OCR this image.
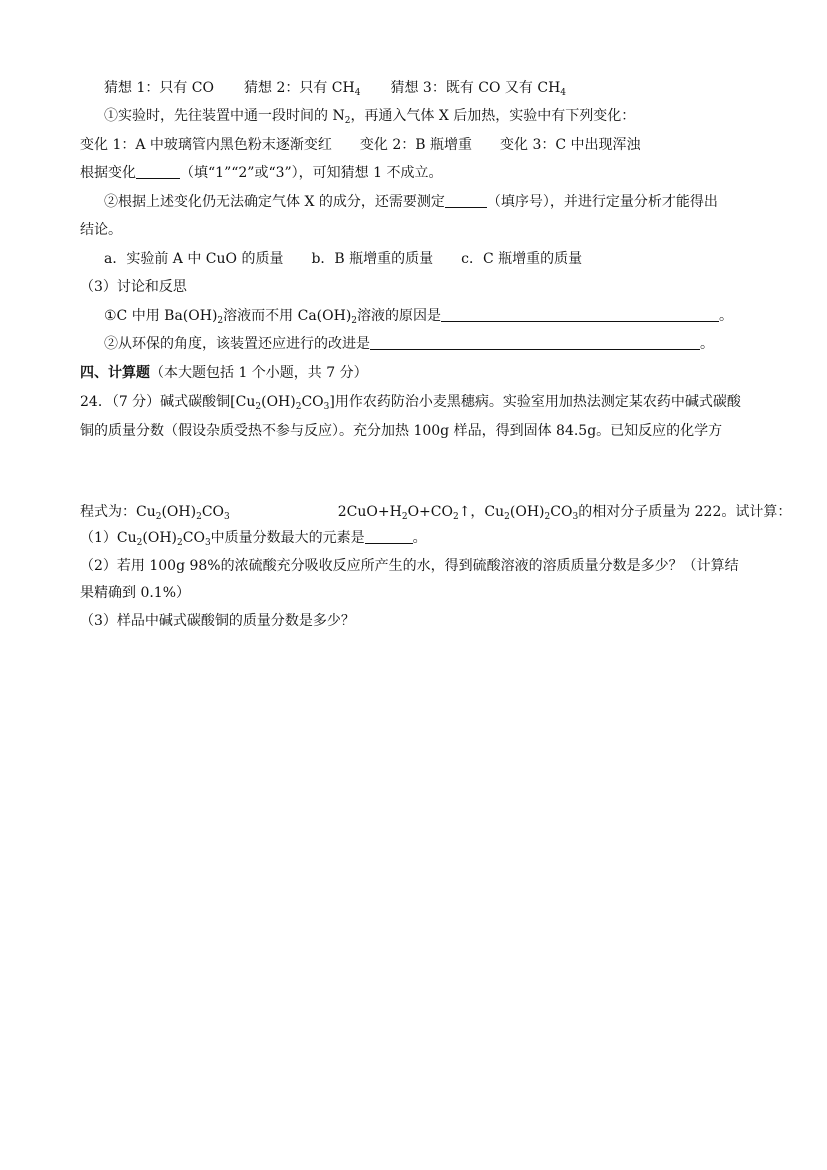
猜想 1：只有 CO 猜想 2：只有 $CH_4$ 猜想 3：既有 CO 又有 $CH_4$
①实验时，先往装置中通一段时间的 $N_2$，再通入气体 X 后加热，实验中有下列变化：
变化 1：A 中玻璃管内黑色粉末逐渐变红 变化 2：B 瓶增重 变化 3：C 中出现浑浊
根据变化	（填“1”“2”或“3”），可知猜想 1 不成立。
②根据上述变化仍无法确定气体 X 的成分，还需要测定	（填序号），并进行定量分析才能得出
结论。
a．实验前 A 中 CuO 的质量 b．B 瓶增重的质量 c．C 瓶增重的质量
（3）讨论和反思
①C 中用 $Ba(OH)_2$溶液而不用 $Ca(OH)_2$溶液的原因是	。
②从环保的角度，该装置还应进行的改进是	。
四、计算题（本大题包括 1 个小题，共 7 分）
24．（7 分）碱式碳酸铜$[Cu_2(OH)_2CO_3]$用作农药防治小麦黑穗病。实验室用加热法测定某农药中碱式碳酸
铜的质量分数（假设杂质受热不参与反应）。充分加热 100g 样品，得到固体 84.5g。已知反应的化学方
程式为：$Cu_2(OH)_2CO_3$	$2CuO+H_2O+CO_2↑$，$Cu_2(OH)_2CO_3$的相对分子质量为 222。试计算：
$(1)Cu_2(OH)_2CO_3$中质量分数最大的元素是	。
（2）若用 100g 98%的浓硫酸充分吸收反应所产生的水，得到硫酸溶液的溶质质量分数是多少？（计算结
果精确到 0.1%）
（3）样品中碱式碳酸铜的质量分数是多少？
